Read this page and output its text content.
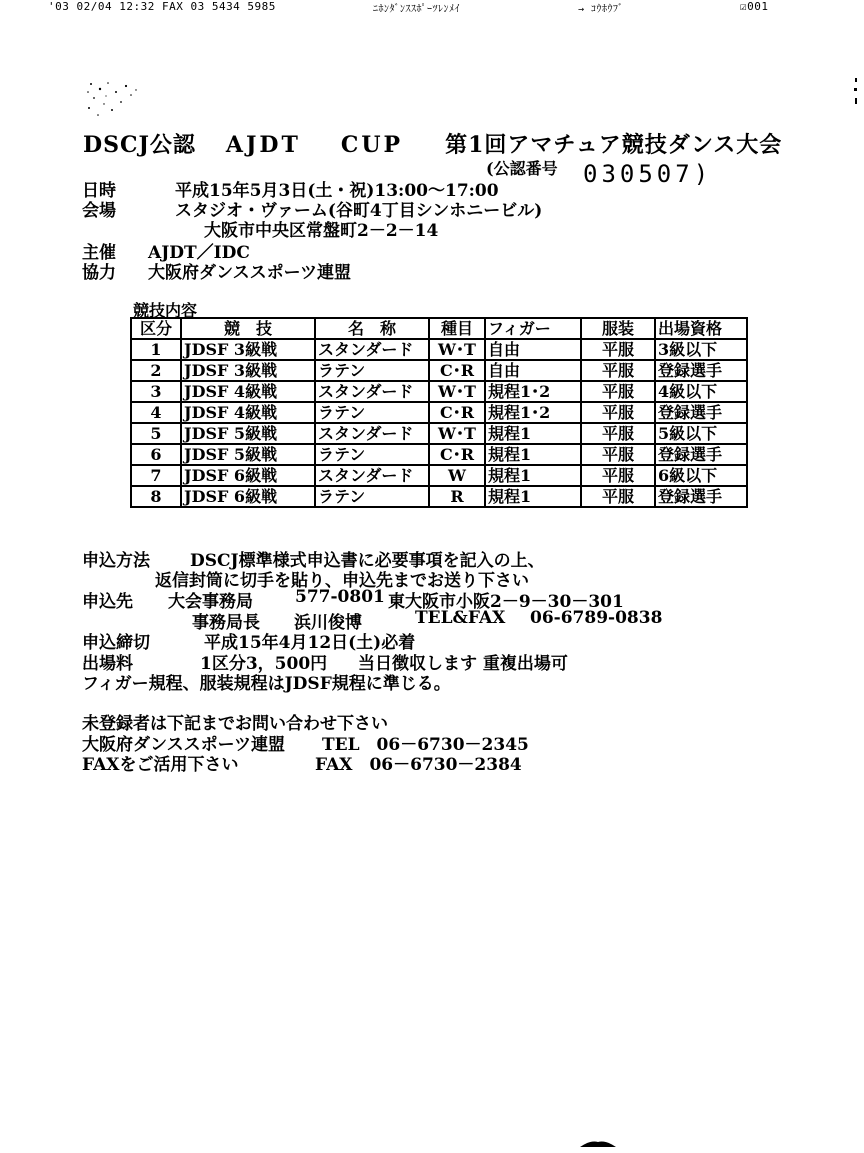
'03 02/04 12:32 FAX 03 5434 5985	ﾆﾎﾝﾀﾞﾝｽｽﾎﾟｰﾂﾚﾝﾒｲ	→ ｺｳﾎｳﾌﾞ	☑001
DSCJ公認 AJDT CUP 第1回アマチュア競技ダンス大会
(公認番号 030507)
日時	平成15年5月3日(土・祝)13:00～17:00
会場	スタジオ・ヴァーム(谷町4丁目シンホニービル)
大阪市中央区常盤町2－2－14
主催 AJDT／IDC
協力 大阪府ダンススポーツ連盟
競技内容
区分	競　技	名　称	種目	フィガー	服装	出場資格
1	JDSF 3級戦	スタンダード	W･T	自由	平服	3級以下
2	JDSF 3級戦	ラテン	C･R	自由	平服	登録選手
3	JDSF 4級戦	スタンダード	W･T	規程1･2	平服	4級以下
4	JDSF 4級戦	ラテン	C･R	規程1･2	平服	登録選手
5	JDSF 5級戦	スタンダード	W･T	規程1	平服	5級以下
6	JDSF 5級戦	ラテン	C･R	規程1	平服	登録選手
7	JDSF 6級戦	スタンダード	W	規程1	平服	6級以下
8	JDSF 6級戦	ラテン	R	規程1	平服	登録選手
申込方法 DSCJ標準様式申込書に必要事項を記入の上、
返信封筒に切手を貼り、申込先までお送り下さい
申込先 大会事務局 577-0801 東大阪市小阪2－9－30－301
事務局長 浜川俊博	TEL&FAX 06-6789-0838
申込締切	平成15年4月12日(土)必着
出場料	1区分3，500円 当日徴収します 重複出場可
フィガー規程、服装規程はJDSF規程に準じる。
未登録者は下記までお問い合わせ下さい
大阪府ダンススポーツ連盟 TEL　06－6730－2345
FAXをご活用下さい	FAX　06－6730－2384
